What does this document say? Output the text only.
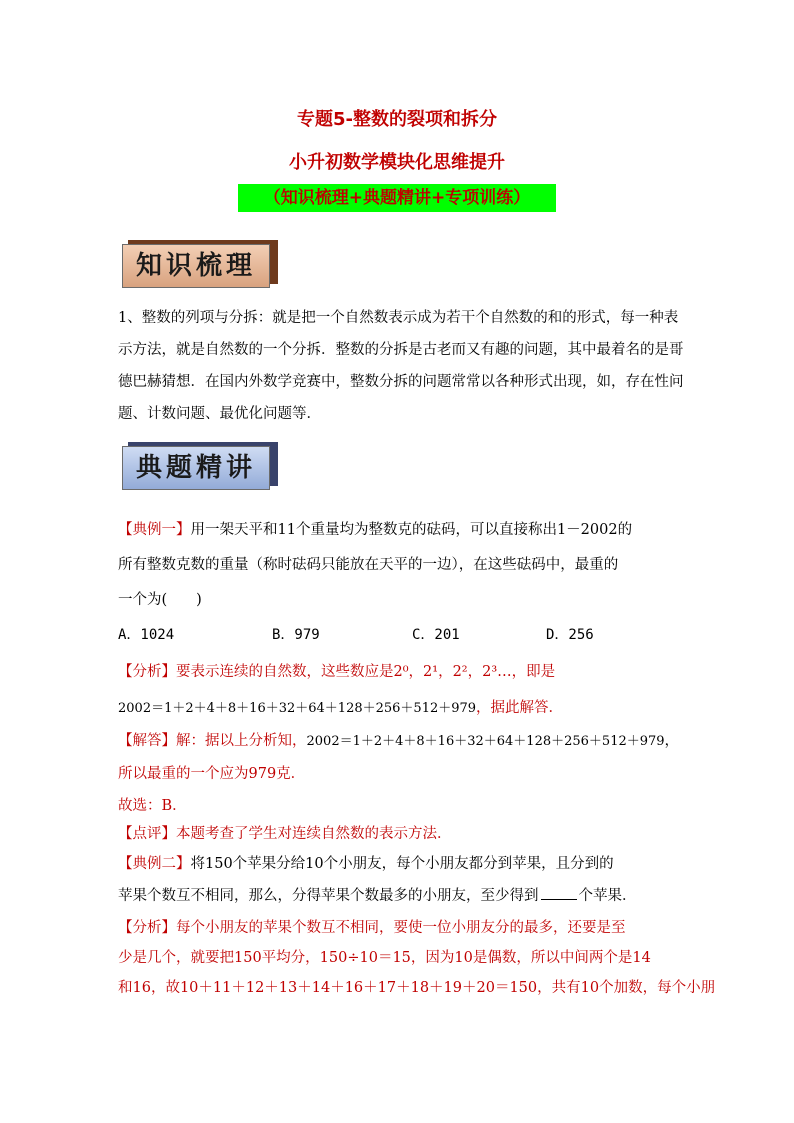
专题5-整数的裂项和拆分
小升初数学模块化思维提升
（知识梳理+典题精讲+专项训练）
知识梳理
1、整数的列项与分拆：就是把一个自然数表示成为若干个自然数的和的形式，每一种表示方法，就是自然数的一个分拆．整数的分拆是古老而又有趣的问题，其中最着名的是哥德巴赫猜想．在国内外数学竞赛中，整数分拆的问题常常以各种形式出现，如，存在性问题、计数问题、最优化问题等．
典题精讲
【典例一】用一架天平和11个重量均为整数克的砝码，可以直接称出1－2002的
所有整数克数的重量（称时砝码只能放在天平的一边），在这些砝码中，最重的
一个为(　　)
A．1024	B．979	C．201	D．256
【分析】要表示连续的自然数，这些数应是2⁰，2¹，2²，2³…，即是
2002＝1＋2＋4＋8＋16＋32＋64＋128＋256＋512＋979，据此解答．
【解答】解：据以上分析知，2002＝1＋2＋4＋8＋16＋32＋64＋128＋256＋512＋979，
所以最重的一个应为979克．
故选：B．
【点评】本题考查了学生对连续自然数的表示方法．
【典例二】将150个苹果分给10个小朋友，每个小朋友都分到苹果，且分到的
苹果个数互不相同，那么，分得苹果个数最多的小朋友，至少得到	个苹果．
【分析】每个小朋友的苹果个数互不相同，要使一位小朋友分的最多，还要是至
少是几个，就要把150平均分，150÷10＝15，因为10是偶数，所以中间两个是14
和16，故10＋11＋12＋13＋14＋16＋17＋18＋19＋20＝150，共有10个加数，每个小朋
